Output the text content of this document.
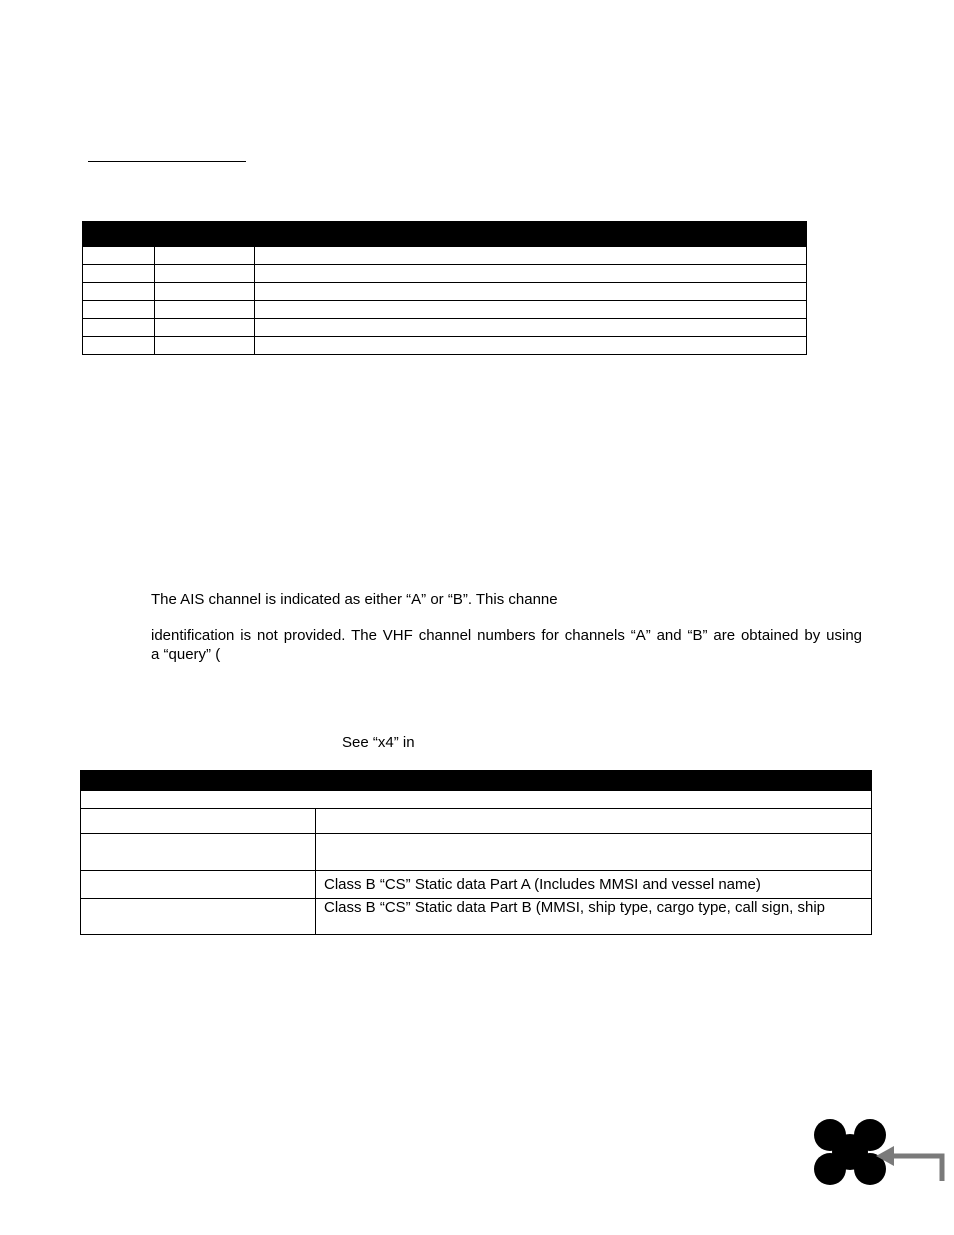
The AIS channel is indicated as either “A” or “B”. This channe
identification is not provided. The VHF channel numbers for channels “A” and “B” are obtained by using
a “query” (
See “x4” in

	Class B “CS” Static data Part A (Includes MMSI and vessel name)
	Class B “CS” Static data Part B (MMSI, ship type, cargo type, call sign, ship
